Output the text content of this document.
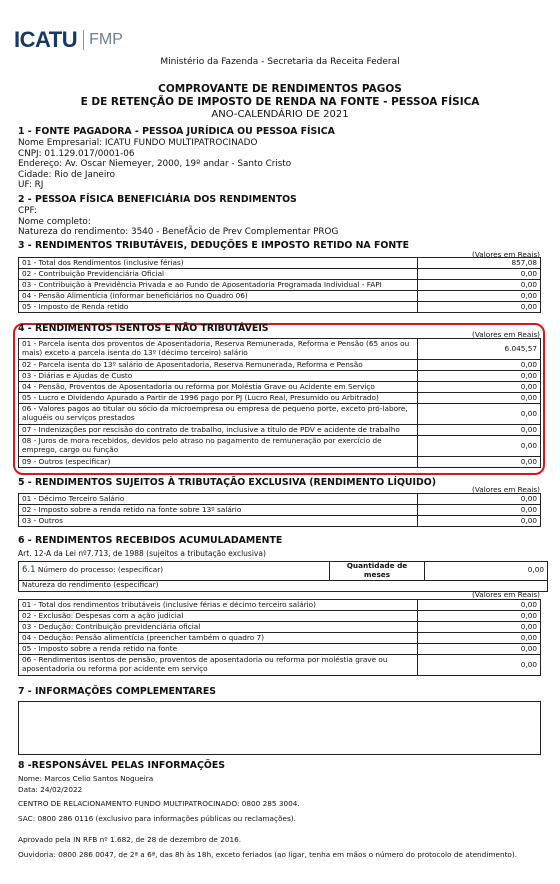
ICATU FMP
Ministério da Fazenda - Secretaria da Receita Federal
COMPROVANTE DE RENDIMENTOS PAGOS
E DE RETENÇÃO DE IMPOSTO DE RENDA NA FONTE - PESSOA FÍSICA
ANO-CALENDÁRIO DE 2021
1 - FONTE PAGADORA - PESSOA JURÍDICA OU PESSOA FÍSICA
Nome Empresarial: ICATU FUNDO MULTIPATROCINADO
CNPJ: 01.129.017/0001-06
Endereço: Av. Oscar Niemeyer, 2000, 19º andar - Santo Cristo
Cidade: Rio de Janeiro
UF: RJ
2 - PESSOA FÍSICA BENEFICIÁRIA DOS RENDIMENTOS
CPF:
Nome completo:
Natureza do rendimento: 3540 - BenefÃcio de Prev Complementar PROG
3 - RENDIMENTOS TRIBUTÁVEIS, DEDUÇÕES E IMPOSTO RETIDO NA FONTE
(Valores em Reais)
01 - Total dos Rendimentos (inclusive férias)	857,08
02 - Contribuição Previdenciária Oficial	0,00
03 - Contribuição à Previdência Privada e ao Fundo de Aposentadoria Programada Individual - FAPI	0,00
04 - Pensão Alimentícia (informar beneficiários no Quadro 06)	0,00
05 - Imposto de Renda retido	0,00
4 - RENDIMENTOS ISENTOS E NÃO TRIBUTÁVEIS
(Valores em Reais)
01 - Parcela isenta dos proventos de Aposentadoria, Reserva Remunerada, Reforma e Pensão (65 anos ou mais) exceto a parcela isenta do 13º (décimo terceiro) salário	6.045,57
02 - Parcela isenta do 13º salário de Aposentadoria, Reserva Remunerada, Reforma e Pensão	0,00
03 - Diárias e Ajudas de Custo	0,00
04 - Pensão, Proventos de Aposentadoria ou reforma por Moléstia Grave ou Acidente em Serviço	0,00
05 - Lucro e Dividendo Apurado a Partir de 1996 pago por PJ (Lucro Real, Presumido ou Arbitrado)	0,00
06 - Valores pagos ao titular ou sócio da microempresa ou empresa de pequeno porte, exceto pró-labore, aluguéis ou serviços prestados	0,00
07 - Indenizações por rescisão do contrato de trabalho, inclusive a título de PDV e acidente de trabalho	0,00
08 - Juros de mora recebidos, devidos pelo atraso no pagamento de remuneração por exercício de emprego, cargo ou função	0,00
09 - Outros (especificar)	0,00
5 - RENDIMENTOS SUJEITOS À TRIBUTAÇÃO EXCLUSIVA (RENDIMENTO LÍQUIDO)
(Valores em Reais)
01 - Décimo Terceiro Salário	0,00
02 - Imposto sobre a renda retido na fonte sobre 13º salário	0,00
03 - Outros	0,00
6 - RENDIMENTOS RECEBIDOS ACUMULADAMENTE
Art. 12-A da Lei nº7.713, de 1988 (sujeitos a tributação exclusiva)
6.1 Número do processo: (especificar)	Quantidade de meses	0,00
Natureza do rendimento (especificar)
(Valores em Reais)
01 - Total dos rendimentos tributáveis (inclusive férias e décimo terceiro salário)	0,00
02 - Exclusão: Despesas com a ação judicial	0,00
03 - Dedução: Contribuição previdenciária oficial	0,00
04 - Dedução: Pensão alimentícia (preencher também o quadro 7)	0,00
05 - Imposto sobre a renda retido na fonte	0,00
06 - Rendimentos isentos de pensão, proventos de aposentadoria ou reforma por moléstia grave ou aposentadoria ou reforma por acidente em serviço	0,00
7 - INFORMAÇÕES COMPLEMENTARES
8 -RESPONSÁVEL PELAS INFORMAÇÕES
Nome: Marcos Celio Santos Nogueira
Data: 24/02/2022
CENTRO DE RELACIONAMENTO FUNDO MULTIPATROCINADO: 0800 285 3004.
SAC: 0800 286 0116 (exclusivo para informações públicas ou reclamações).
Aprovado pela IN RFB nº 1.682, de 28 de dezembro de 2016.
Ouvidoria: 0800 286 0047, de 2ª a 6ª, das 8h às 18h, exceto feriados (ao ligar, tenha em mãos o número do protocolo de atendimento).
